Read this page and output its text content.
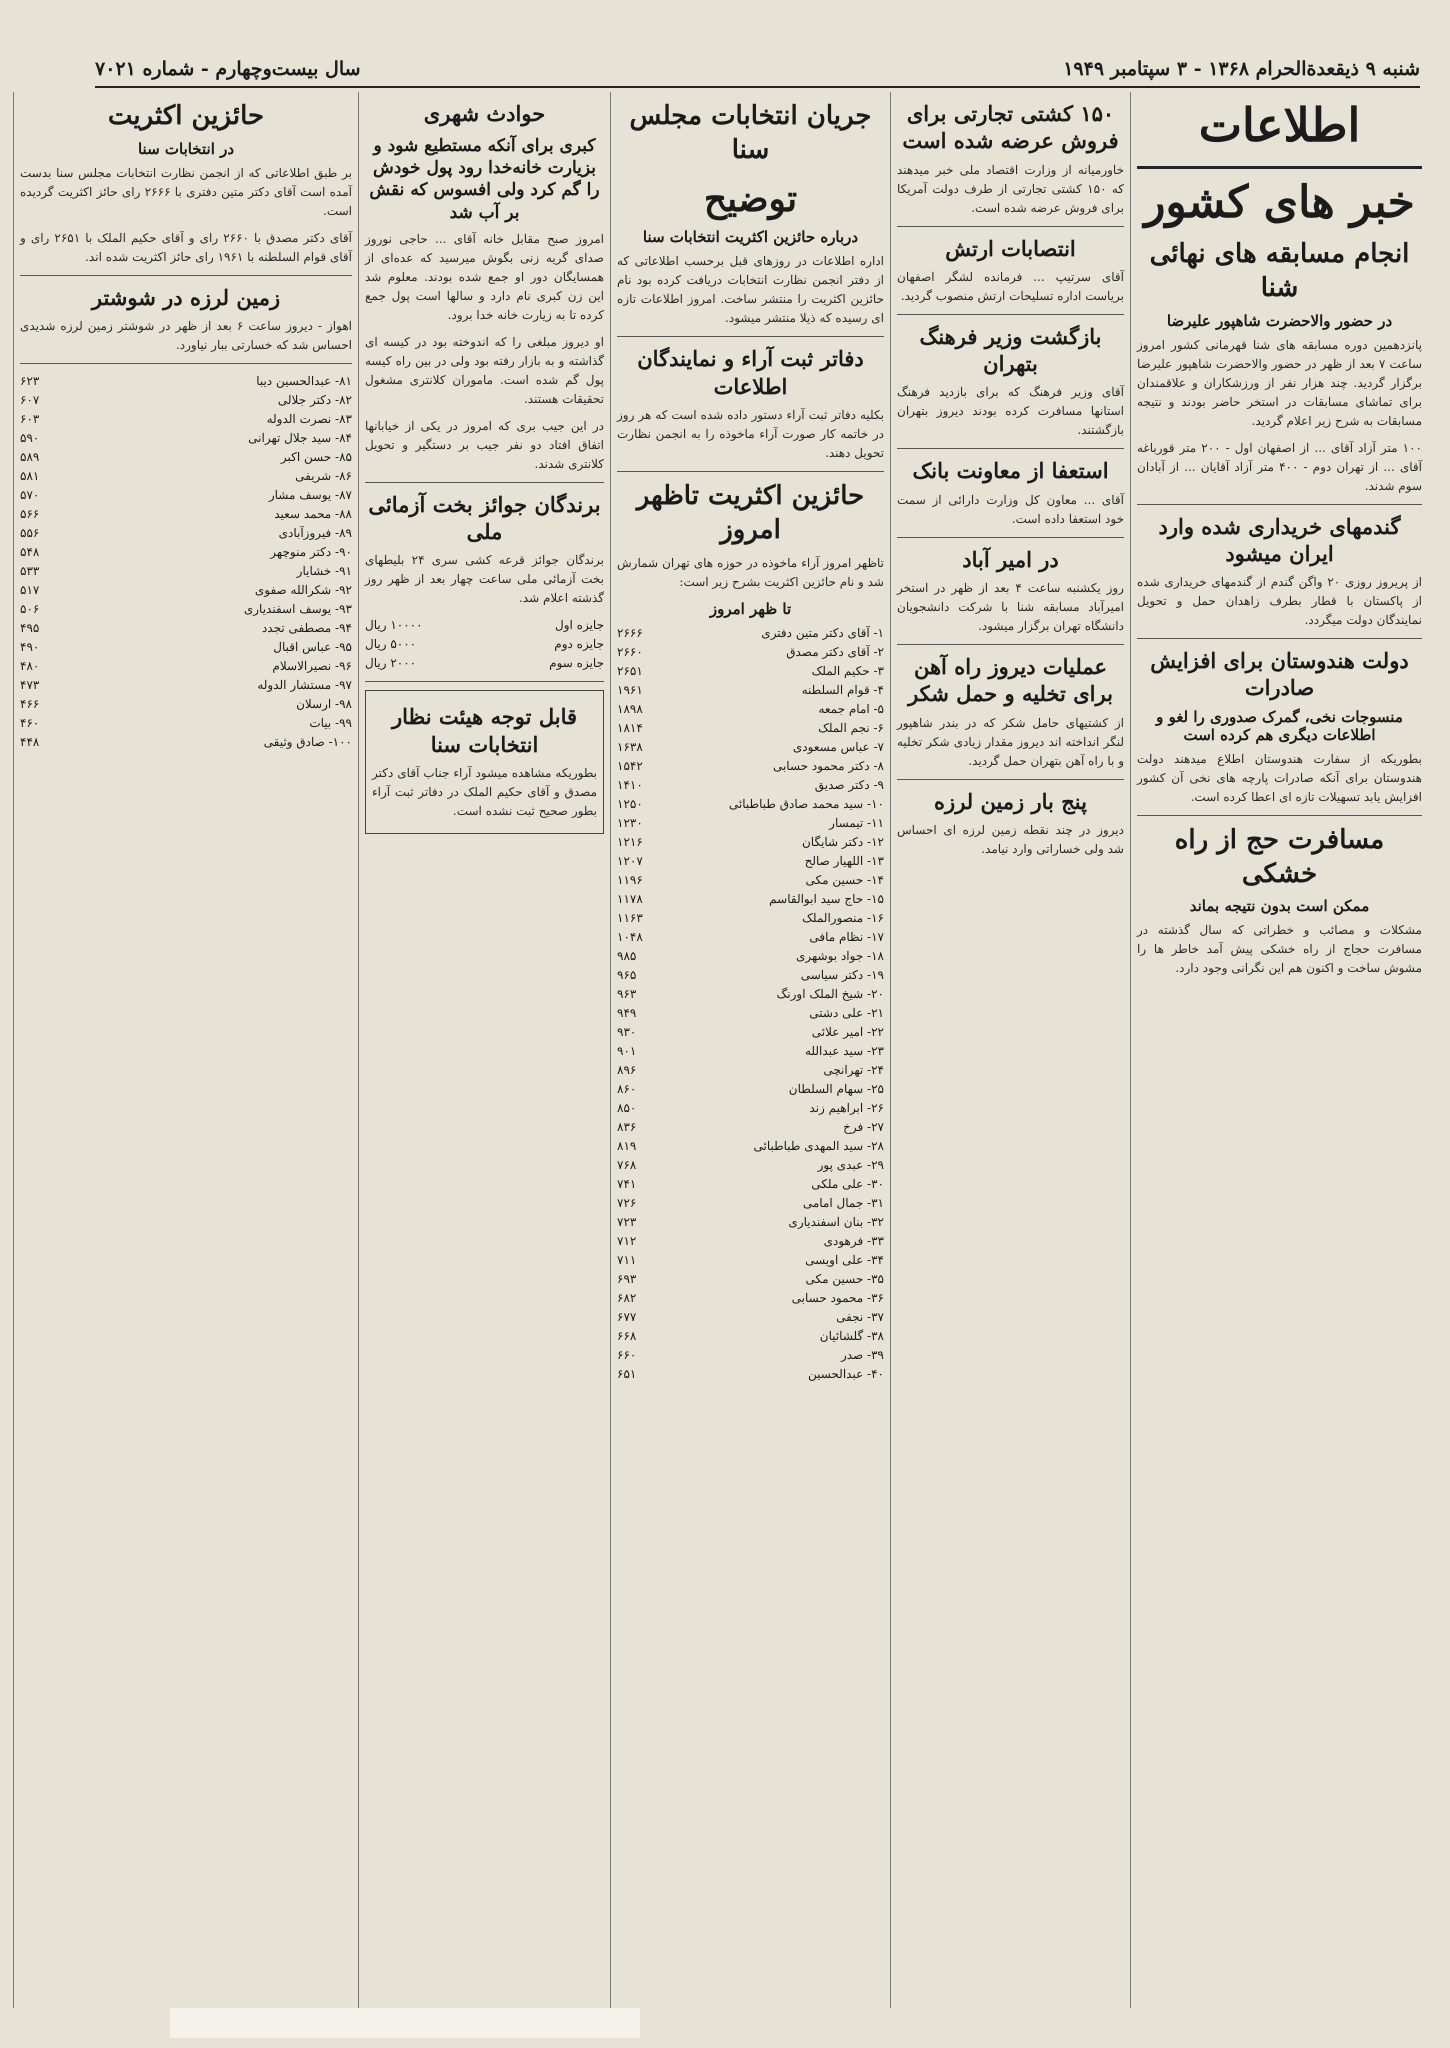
شنبه ۹ ذیقعدة‌الحرام ۱۳۶۸ - ۳ سپتامبر ۱۹۴۹
سال بیست‌وچهارم - شماره ۷۰۲۱
اطلاعات
خبر های کشور
انجام مسابقه های نهائی شنا
در حضور والاحضرت شاهپور علیرضا

پانزدهمین دوره مسابقه های شنا قهرمانی کشور امروز ساعت ۷ بعد از ظهر در حضور والاحضرت شاهپور علیرضا برگزار گردید. چند هزار نفر از ورزشکاران و علاقمندان برای تماشای مسابقات در استخر حاضر بودند و نتیجه مسابقات به شرح زیر اعلام گردید.

۱۰۰ متر آزاد آقای ... از اصفهان اول - ۲۰۰ متر قورباغه آقای ... از تهران دوم - ۴۰۰ متر آزاد آقایان ... از آبادان سوم شدند.

گندمهای خریداری شده وارد ایران میشود

از پریروز روزی ۲۰ واگن گندم از گندمهای خریداری شده از پاکستان با قطار بطرف زاهدان حمل و تحویل نمایندگان دولت میگردد.

دولت هندوستان برای افزایش صادرات
منسوجات نخی، گمرک صدوری را لغو و اطلاعات دیگری هم کرده است

بطوریکه از سفارت هندوستان اطلاع میدهند دولت هندوستان برای آنکه صادرات پارچه های نخی آن کشور افزایش یابد تسهیلات تازه ای اعطا کرده است.

مسافرت حج از راه خشکی
ممکن است بدون نتیجه بماند

مشکلات و مصائب و خطراتی که سال گذشته در مسافرت حجاج از راه خشکی پیش آمد خاطر ها را مشوش ساخت و اکنون هم این نگرانی وجود دارد.

۱۵۰ کشتی تجارتی برای فروش عرضه شده است

خاورمیانه از وزارت اقتصاد ملی خبر میدهند که ۱۵۰ کشتی تجارتی از طرف دولت آمریکا برای فروش عرضه شده است.

انتصابات ارتش

آقای سرتیپ ... فرمانده لشگر اصفهان بریاست اداره تسلیحات ارتش منصوب گردید.

بازگشت وزیر فرهنگ بتهران

آقای وزیر فرهنگ که برای بازدید فرهنگ استانها مسافرت کرده بودند دیروز بتهران بازگشتند.

استعفا از معاونت بانک

آقای ... معاون کل وزارت دارائی از سمت خود استعفا داده است.

در امیر آباد

روز یکشنبه ساعت ۴ بعد از ظهر در استخر امیرآباد مسابقه شنا با شرکت دانشجویان دانشگاه تهران برگزار میشود.

عملیات دیروز راه آهن برای تخلیه و حمل شکر

از کشتیهای حامل شکر که در بندر شاهپور لنگر انداخته اند دیروز مقدار زیادی شکر تخلیه و با راه آهن بتهران حمل گردید.

پنج بار زمین لرزه

دیروز در چند نقطه زمین لرزه ای احساس شد ولی خساراتی وارد نیامد.

جریان انتخابات مجلس سنا
توضیح
درباره حائزین اکثریت انتخابات سنا

اداره اطلاعات در روزهای قبل برحسب اطلاعاتی که از دفتر انجمن نظارت انتخابات دریافت کرده بود نام حائزین اکثریت را منتشر ساخت. امروز اطلاعات تازه ای رسیده که ذیلا منتشر میشود.

دفاتر ثبت آراء و نمایندگان اطلاعات

بکلیه دفاتر ثبت آراء دستور داده شده است که هر روز در خاتمه کار صورت آراء ماخوذه را به انجمن نظارت تحویل دهند.

حائزین اکثریت تاظهر امروز

تاظهر امروز آراء ماخوذه در حوزه های تهران شمارش شد و نام حائزین اکثریت بشرح زیر است:

تا ظهر امروز
۱- آقای دکتر متین دفتری
۲۶۶۶
۲- آقای دکتر مصدق
۲۶۶۰
۳- حکیم الملک
۲۶۵۱
۴- قوام السلطنه
۱۹۶۱
۵- امام جمعه
۱۸۹۸
۶- نجم الملک
۱۸۱۴
۷- عباس مسعودی
۱۶۳۸
۸- دکتر محمود حسابی
۱۵۴۲
۹- دکتر صدیق
۱۴۱۰
۱۰- سید محمد صادق طباطبائی
۱۲۵۰
۱۱- تیمسار
۱۲۳۰
۱۲- دکتر شایگان
۱۲۱۶
۱۳- اللهیار صالح
۱۲۰۷
۱۴- حسین مکی
۱۱۹۶
۱۵- حاج سید ابوالقاسم
۱۱۷۸
۱۶- منصورالملک
۱۱۶۳
۱۷- نظام مافی
۱۰۴۸
۱۸- جواد بوشهری
۹۸۵
۱۹- دکتر سیاسی
۹۶۵
۲۰- شیخ الملک اورنگ
۹۶۳
۲۱- علی دشتی
۹۴۹
۲۲- امیر علائی
۹۳۰
۲۳- سید عبدالله
۹۰۱
۲۴- تهرانچی
۸۹۶
۲۵- سهام السلطان
۸۶۰
۲۶- ابراهیم زند
۸۵۰
۲۷- فرخ
۸۳۶
۲۸- سید المهدی طباطبائی
۸۱۹
۲۹- عبدی پور
۷۶۸
۳۰- علی ملکی
۷۴۱
۳۱- جمال امامی
۷۲۶
۳۲- بنان اسفندیاری
۷۲۳
۳۳- فرهودی
۷۱۲
۳۴- علی اویسی
۷۱۱
۳۵- حسین مکی
۶۹۳
۳۶- محمود حسابی
۶۸۲
۳۷- نجفی
۶۷۷
۳۸- گلشائیان
۶۶۸
۳۹- صدر
۶۶۰
۴۰- عبدالحسین
۶۵۱
حوادث شهری
کبری برای آنکه مستطیع شود و بزیارت خانه‌خدا رود پول خودش را گم کرد ولی افسوس که نقش بر آب شد

امروز صبح مقابل خانه آقای ... حاجی نوروز صدای گریه زنی بگوش میرسید که عده‌ای از همسایگان دور او جمع شده بودند. معلوم شد این زن کبری نام دارد و سالها است پول جمع کرده تا به زیارت خانه خدا برود.

او دیروز مبلغی را که اندوخته بود در کیسه ای گذاشته و به بازار رفته بود ولی در بین راه کیسه پول گم شده است. ماموران کلانتری مشغول تحقیقات هستند.

در این جیب بری که امروز در یکی از خیابانها اتفاق افتاد دو نفر جیب بر دستگیر و تحویل کلانتری شدند.

برندگان جوائز بخت آزمائی ملی

برندگان جوائز قرعه کشی سری ۲۴ بلیطهای بخت آزمائی ملی ساعت چهار بعد از ظهر روز گذشته اعلام شد.

جایزه اول
۱۰۰۰۰ ریال
جایزه دوم
۵۰۰۰ ریال
جایزه سوم
۲۰۰۰ ریال
قابل توجه هیئت نظار انتخابات سنا

بطوریکه مشاهده میشود آراء جناب آقای دکتر مصدق و آقای حکیم الملک در دفاتر ثبت آراء بطور صحیح ثبت نشده است.

حائزین اکثریت
در انتخابات سنا

بر طبق اطلاعاتی که از انجمن نظارت انتخابات مجلس سنا بدست آمده است آقای دکتر متین دفتری با ۲۶۶۶ رای حائز اکثریت گردیده است.

آقای دکتر مصدق با ۲۶۶۰ رای و آقای حکیم الملک با ۲۶۵۱ رای و آقای قوام السلطنه با ۱۹۶۱ رای حائز اکثریت شده اند.

زمین لرزه در شوشتر

اهواز - دیروز ساعت ۶ بعد از ظهر در شوشتر زمین لرزه شدیدی احساس شد که خسارتی ببار نیاورد.

۸۱- عبدالحسین دیبا
۶۲۳
۸۲- دکتر جلالی
۶۰۷
۸۳- نصرت الدوله
۶۰۳
۸۴- سید جلال تهرانی
۵۹۰
۸۵- حسن اکبر
۵۸۹
۸۶- شریفی
۵۸۱
۸۷- یوسف مشار
۵۷۰
۸۸- محمد سعید
۵۶۶
۸۹- فیروزآبادی
۵۵۶
۹۰- دکتر منوچهر
۵۴۸
۹۱- خشایار
۵۳۳
۹۲- شکرالله صفوی
۵۱۷
۹۳- یوسف اسفندیاری
۵۰۶
۹۴- مصطفی تجدد
۴۹۵
۹۵- عباس اقبال
۴۹۰
۹۶- نصیرالاسلام
۴۸۰
۹۷- مستشار الدوله
۴۷۳
۹۸- ارسلان
۴۶۶
۹۹- بیات
۴۶۰
۱۰۰- صادق وثیقی
۴۴۸
